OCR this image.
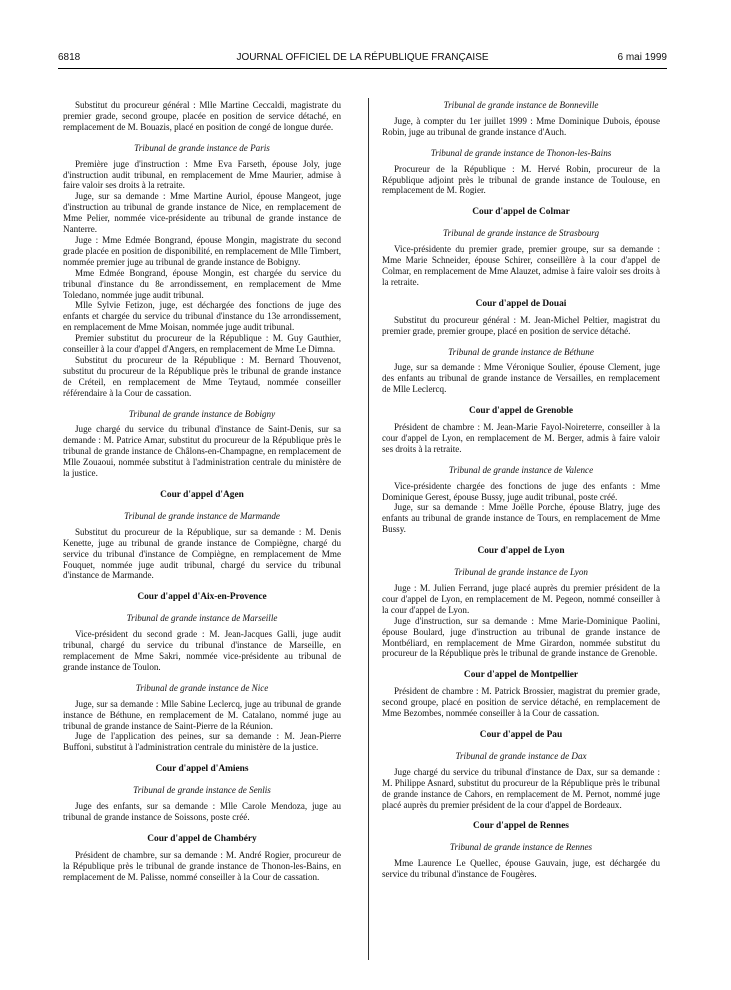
6818	JOURNAL OFFICIEL DE LA RÉPUBLIQUE FRANÇAISE	6 mai 1999

Substitut du procureur général : Mlle Martine Ceccaldi, magistrate du premier grade, second groupe, placée en position de service détaché, en remplacement de M. Bouazis, placé en position de congé de longue durée.

Tribunal de grande instance de Paris

Première juge d'instruction : Mme Eva Farseth, épouse Joly, juge d'instruction audit tribunal, en remplacement de Mme Maurier, admise à faire valoir ses droits à la retraite.

Juge, sur sa demande : Mme Martine Auriol, épouse Mangeot, juge d'instruction au tribunal de grande instance de Nice, en remplacement de Mme Pelier, nommée vice-présidente au tribunal de grande instance de Nanterre.

Juge : Mme Edmée Bongrand, épouse Mongin, magistrate du second grade placée en position de disponibilité, en remplacement de Mlle Timbert, nommée premier juge au tribunal de grande instance de Bobigny.

Mme Edmée Bongrand, épouse Mongin, est chargée du service du tribunal d'instance du 8e arrondissement, en remplacement de Mme Toledano, nommée juge audit tribunal.

Mlle Sylvie Fetizon, juge, est déchargée des fonctions de juge des enfants et chargée du service du tribunal d'instance du 13e arrondissement, en remplacement de Mme Moisan, nommée juge audit tribunal.

Premier substitut du procureur de la République : M. Guy Gauthier, conseiller à la cour d'appel d'Angers, en remplacement de Mme Le Dimna.

Substitut du procureur de la République : M. Bernard Thouvenot, substitut du procureur de la République près le tribunal de grande instance de Créteil, en remplacement de Mme Teytaud, nommée conseiller référendaire à la Cour de cassation.

Tribunal de grande instance de Bobigny

Juge chargé du service du tribunal d'instance de Saint-Denis, sur sa demande : M. Patrice Amar, substitut du procureur de la République près le tribunal de grande instance de Châlons-en-Champagne, en remplacement de Mlle Zouaoui, nommée substitut à l'administration centrale du ministère de la justice.

Cour d'appel d'Agen
Tribunal de grande instance de Marmande

Substitut du procureur de la République, sur sa demande : M. Denis Kenette, juge au tribunal de grande instance de Compiègne, chargé du service du tribunal d'instance de Compiègne, en remplacement de Mme Fouquet, nommée juge audit tribunal, chargé du service du tribunal d'instance de Marmande.

Cour d'appel d'Aix-en-Provence
Tribunal de grande instance de Marseille

Vice-président du second grade : M. Jean-Jacques Galli, juge audit tribunal, chargé du service du tribunal d'instance de Marseille, en remplacement de Mme Sakri, nommée vice-présidente au tribunal de grande instance de Toulon.

Tribunal de grande instance de Nice

Juge, sur sa demande : Mlle Sabine Leclercq, juge au tribunal de grande instance de Béthune, en remplacement de M. Catalano, nommé juge au tribunal de grande instance de Saint-Pierre de la Réunion.

Juge de l'application des peines, sur sa demande : M. Jean-Pierre Buffoni, substitut à l'administration centrale du ministère de la justice.

Cour d'appel d'Amiens
Tribunal de grande instance de Senlis

Juge des enfants, sur sa demande : Mlle Carole Mendoza, juge au tribunal de grande instance de Soissons, poste créé.

Cour d'appel de Chambéry

Président de chambre, sur sa demande : M. André Rogier, procureur de la République près le tribunal de grande instance de Thonon-les-Bains, en remplacement de M. Palisse, nommé conseiller à la Cour de cassation.

Tribunal de grande instance de Bonneville

Juge, à compter du 1er juillet 1999 : Mme Dominique Dubois, épouse Robin, juge au tribunal de grande instance d'Auch.

Tribunal de grande instance de Thonon-les-Bains

Procureur de la République : M. Hervé Robin, procureur de la République adjoint près le tribunal de grande instance de Toulouse, en remplacement de M. Rogier.

Cour d'appel de Colmar
Tribunal de grande instance de Strasbourg

Vice-présidente du premier grade, premier groupe, sur sa demande : Mme Marie Schneider, épouse Schirer, conseillère à la cour d'appel de Colmar, en remplacement de Mme Alauzet, admise à faire valoir ses droits à la retraite.

Cour d'appel de Douai

Substitut du procureur général : M. Jean-Michel Peltier, magistrat du premier grade, premier groupe, placé en position de service détaché.

Tribunal de grande instance de Béthune

Juge, sur sa demande : Mme Véronique Soulier, épouse Clement, juge des enfants au tribunal de grande instance de Versailles, en remplacement de Mlle Leclercq.

Cour d'appel de Grenoble

Président de chambre : M. Jean-Marie Fayol-Noireterre, conseiller à la cour d'appel de Lyon, en remplacement de M. Berger, admis à faire valoir ses droits à la retraite.

Tribunal de grande instance de Valence

Vice-présidente chargée des fonctions de juge des enfants : Mme Dominique Gerest, épouse Bussy, juge audit tribunal, poste créé.

Juge, sur sa demande : Mme Joëlle Porche, épouse Blatry, juge des enfants au tribunal de grande instance de Tours, en remplacement de Mme Bussy.

Cour d'appel de Lyon
Tribunal de grande instance de Lyon

Juge : M. Julien Ferrand, juge placé auprès du premier président de la cour d'appel de Lyon, en remplacement de M. Pegeon, nommé conseiller à la cour d'appel de Lyon.

Juge d'instruction, sur sa demande : Mme Marie-Dominique Paolini, épouse Boulard, juge d'instruction au tribunal de grande instance de Montbéliard, en remplacement de Mme Girardon, nommée substitut du procureur de la République près le tribunal de grande instance de Grenoble.

Cour d'appel de Montpellier

Président de chambre : M. Patrick Brossier, magistrat du premier grade, second groupe, placé en position de service détaché, en remplacement de Mme Bezombes, nommée conseiller à la Cour de cassation.

Cour d'appel de Pau
Tribunal de grande instance de Dax

Juge chargé du service du tribunal d'instance de Dax, sur sa demande : M. Philippe Asnard, substitut du procureur de la République près le tribunal de grande instance de Cahors, en remplacement de M. Pernot, nommé juge placé auprès du premier président de la cour d'appel de Bordeaux.

Cour d'appel de Rennes
Tribunal de grande instance de Rennes

Mme Laurence Le Quellec, épouse Gauvain, juge, est déchargée du service du tribunal d'instance de Fougères.
